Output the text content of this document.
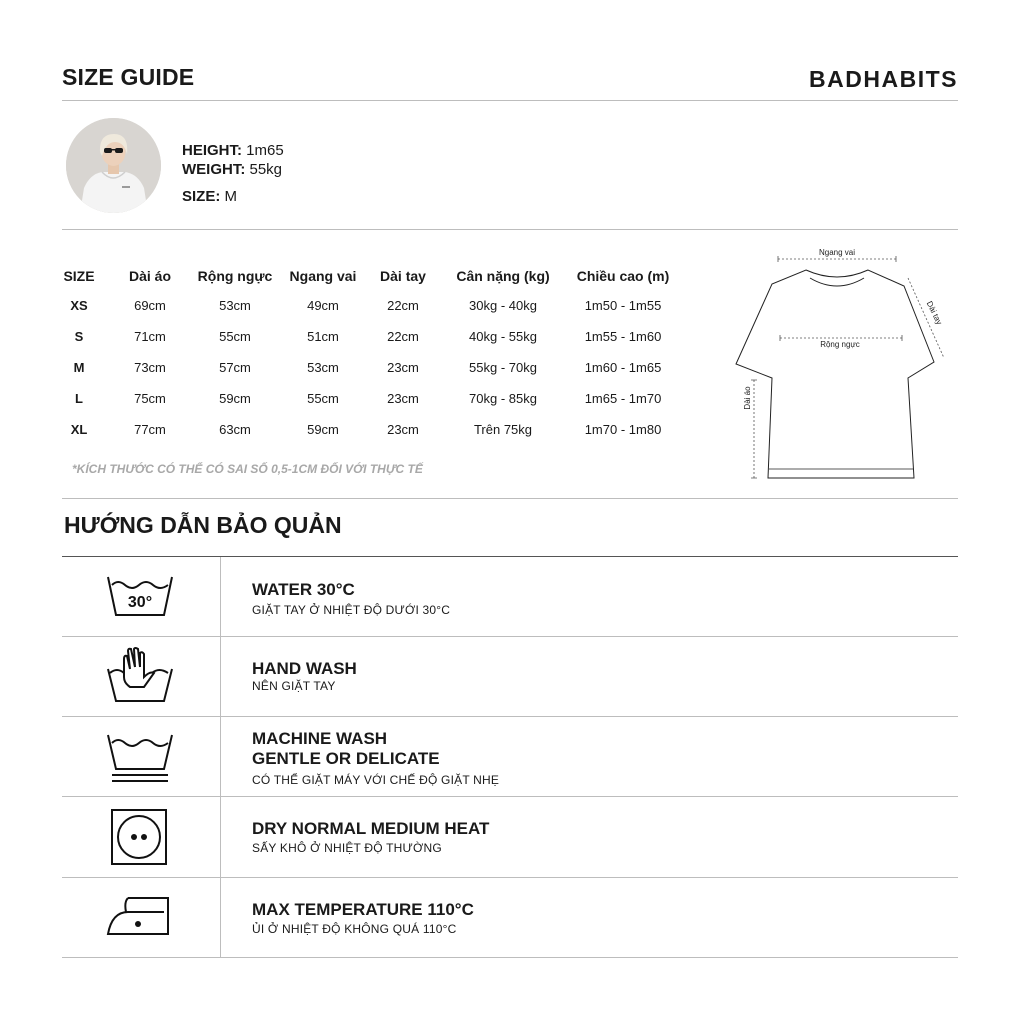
SIZE GUIDE	BADHABITS
HEIGHT: 1m65
WEIGHT: 55kg
SIZE: M
SIZE	Dài áo	Rộng ngực	Ngang vai	Dài tay	Cân nặng (kg)	Chiều cao (m)
XS	69cm	53cm	49cm	22cm	30kg - 40kg	1m50 - 1m55
S	71cm	55cm	51cm	22cm	40kg - 55kg	1m55 - 1m60
M	73cm	57cm	53cm	23cm	55kg - 70kg	1m60 - 1m65
L	75cm	59cm	55cm	23cm	70kg - 85kg	1m65 - 1m70
XL	77cm	63cm	59cm	23cm	Trên 75kg	1m70 - 1m80
*KÍCH THƯỚC CÓ THỂ CÓ SAI SỐ 0,5-1CM ĐỐI VỚI THỰC TẾ
Ngang vai
Dài tay
Rộng ngực
Dài áo
HƯỚNG DẪN BẢO QUẢN
30°
WATER 30°C
GIẶT TAY Ở NHIỆT ĐỘ DƯỚI 30°C
HAND WASH
NÊN GIẶT TAY
MACHINE WASH
GENTLE OR DELICATE
CÓ THỂ GIẶT MÁY VỚI CHẾ ĐỘ GIẶT NHẸ
DRY NORMAL MEDIUM HEAT
SẤY KHÔ Ở NHIỆT ĐỘ THƯỜNG
MAX TEMPERATURE 110°C
ỦI Ở NHIỆT ĐỘ KHÔNG QUÁ 110°C
